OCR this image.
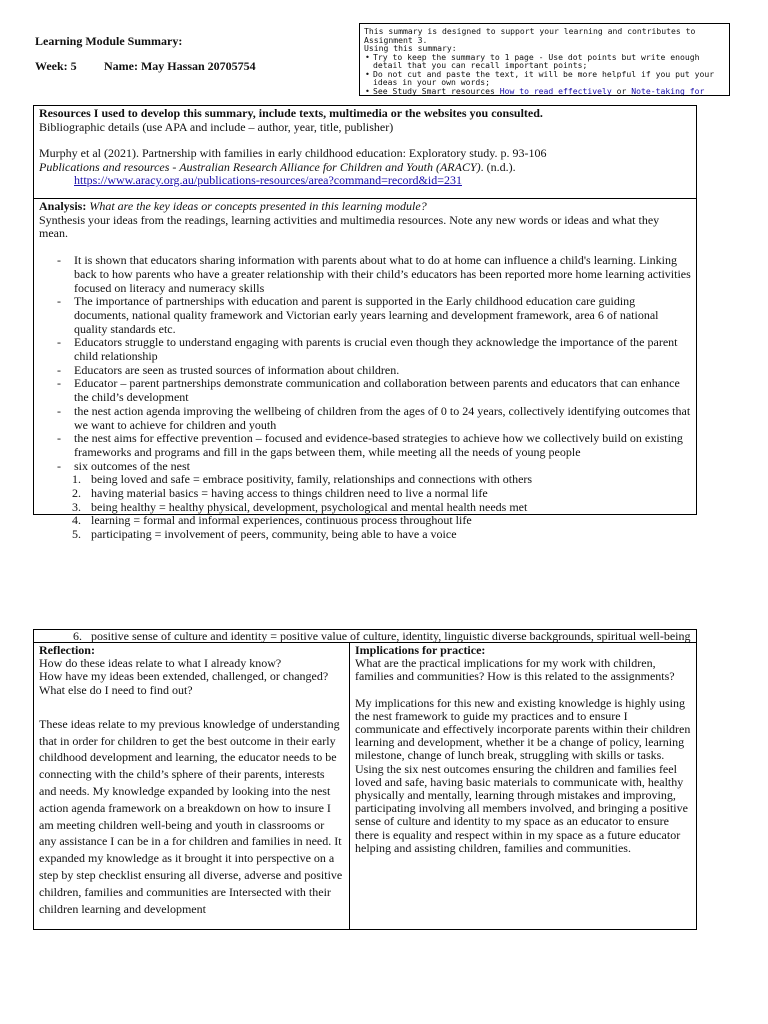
Learning Module Summary:
Week: 5 Name: May Hassan 20705754
This summary is designed to support your learning and contributes to Assignment 3.
Using this summary:
• Try to keep the summary to 1 page - Use dot points but write enough detail that you can recall important points;
• Do not cut and paste the text, it will be more helpful if you put your ideas in your own words;
• See Study Smart resources How to read effectively or Note-taking for
Resources I used to develop this summary, include texts, multimedia or the websites you consulted.
Bibliographic details (use APA and include – author, year, title, publisher)
Murphy et al (2021). Partnership with families in early childhood education: Exploratory study. p. 93-106
Publications and resources - Australian Research Alliance for Children and Youth (ARACY). (n.d.). https://www.aracy.org.au/publications-resources/area?command=record&id=231
Analysis: What are the key ideas or concepts presented in this learning module?
Synthesis your ideas from the readings, learning activities and multimedia resources. Note any new words or ideas and what they mean.
- It is shown that educators sharing information with parents about what to do at home can influence a child's learning. Linking back to how parents who have a greater relationship with their child’s educators has been reported more home learning activities focused on literacy and numeracy skills
- The importance of partnerships with education and parent is supported in the Early childhood education care guiding documents, national quality framework and Victorian early years learning and development framework, area 6 of national quality standards etc.
- Educators struggle to understand engaging with parents is crucial even though they acknowledge the importance of the parent child relationship
- Educators are seen as trusted sources of information about children.
- Educator – parent partnerships demonstrate communication and collaboration between parents and educators that can enhance the child’s development
- the nest action agenda improving the wellbeing of children from the ages of 0 to 24 years, collectively identifying outcomes that we want to achieve for children and youth
- the nest aims for effective prevention – focused and evidence-based strategies to achieve how we collectively build on existing frameworks and programs and fill in the gaps between them, while meeting all the needs of young people
- six outcomes of the nest
1. being loved and safe = embrace positivity, family, relationships and connections with others
2. having material basics = having access to things children need to live a normal life
3. being healthy = healthy physical, development, psychological and mental health needs met
4. learning = formal and informal experiences, continuous process throughout life
5. participating = involvement of peers, community, being able to have a voice
6. positive sense of culture and identity = positive value of culture, identity, linguistic diverse backgrounds, spiritual well-being
Reflection:
How do these ideas relate to what I already know?
How have my ideas been extended, challenged, or changed?
What else do I need to find out?
These ideas relate to my previous knowledge of understanding that in order for children to get the best outcome in their early childhood development and learning, the educator needs to be connecting with the child’s sphere of their parents, interests and needs. My knowledge expanded by looking into the nest action agenda framework on a breakdown on how to insure I am meeting children well-being and youth in classrooms or any assistance I can be in a for children and families in need. It expanded my knowledge as it brought it into perspective on a step by step checklist ensuring all diverse, adverse and positive children, families and communities are Intersected with their children learning and development
Implications for practice:
What are the practical implications for my work with children, families and communities? How is this related to the assignments?
My implications for this new and existing knowledge is highly using the nest framework to guide my practices and to ensure I communicate and effectively incorporate parents within their children learning and development, whether it be a change of policy, learning milestone, change of lunch break, struggling with skills or tasks. Using the six nest outcomes ensuring the children and families feel loved and safe, having basic materials to communicate with, healthy physically and mentally, learning through mistakes and improving, participating involving all members involved, and bringing a positive sense of culture and identity to my space as an educator to ensure there is equality and respect within in my space as a future educator helping and assisting children, families and communities.
